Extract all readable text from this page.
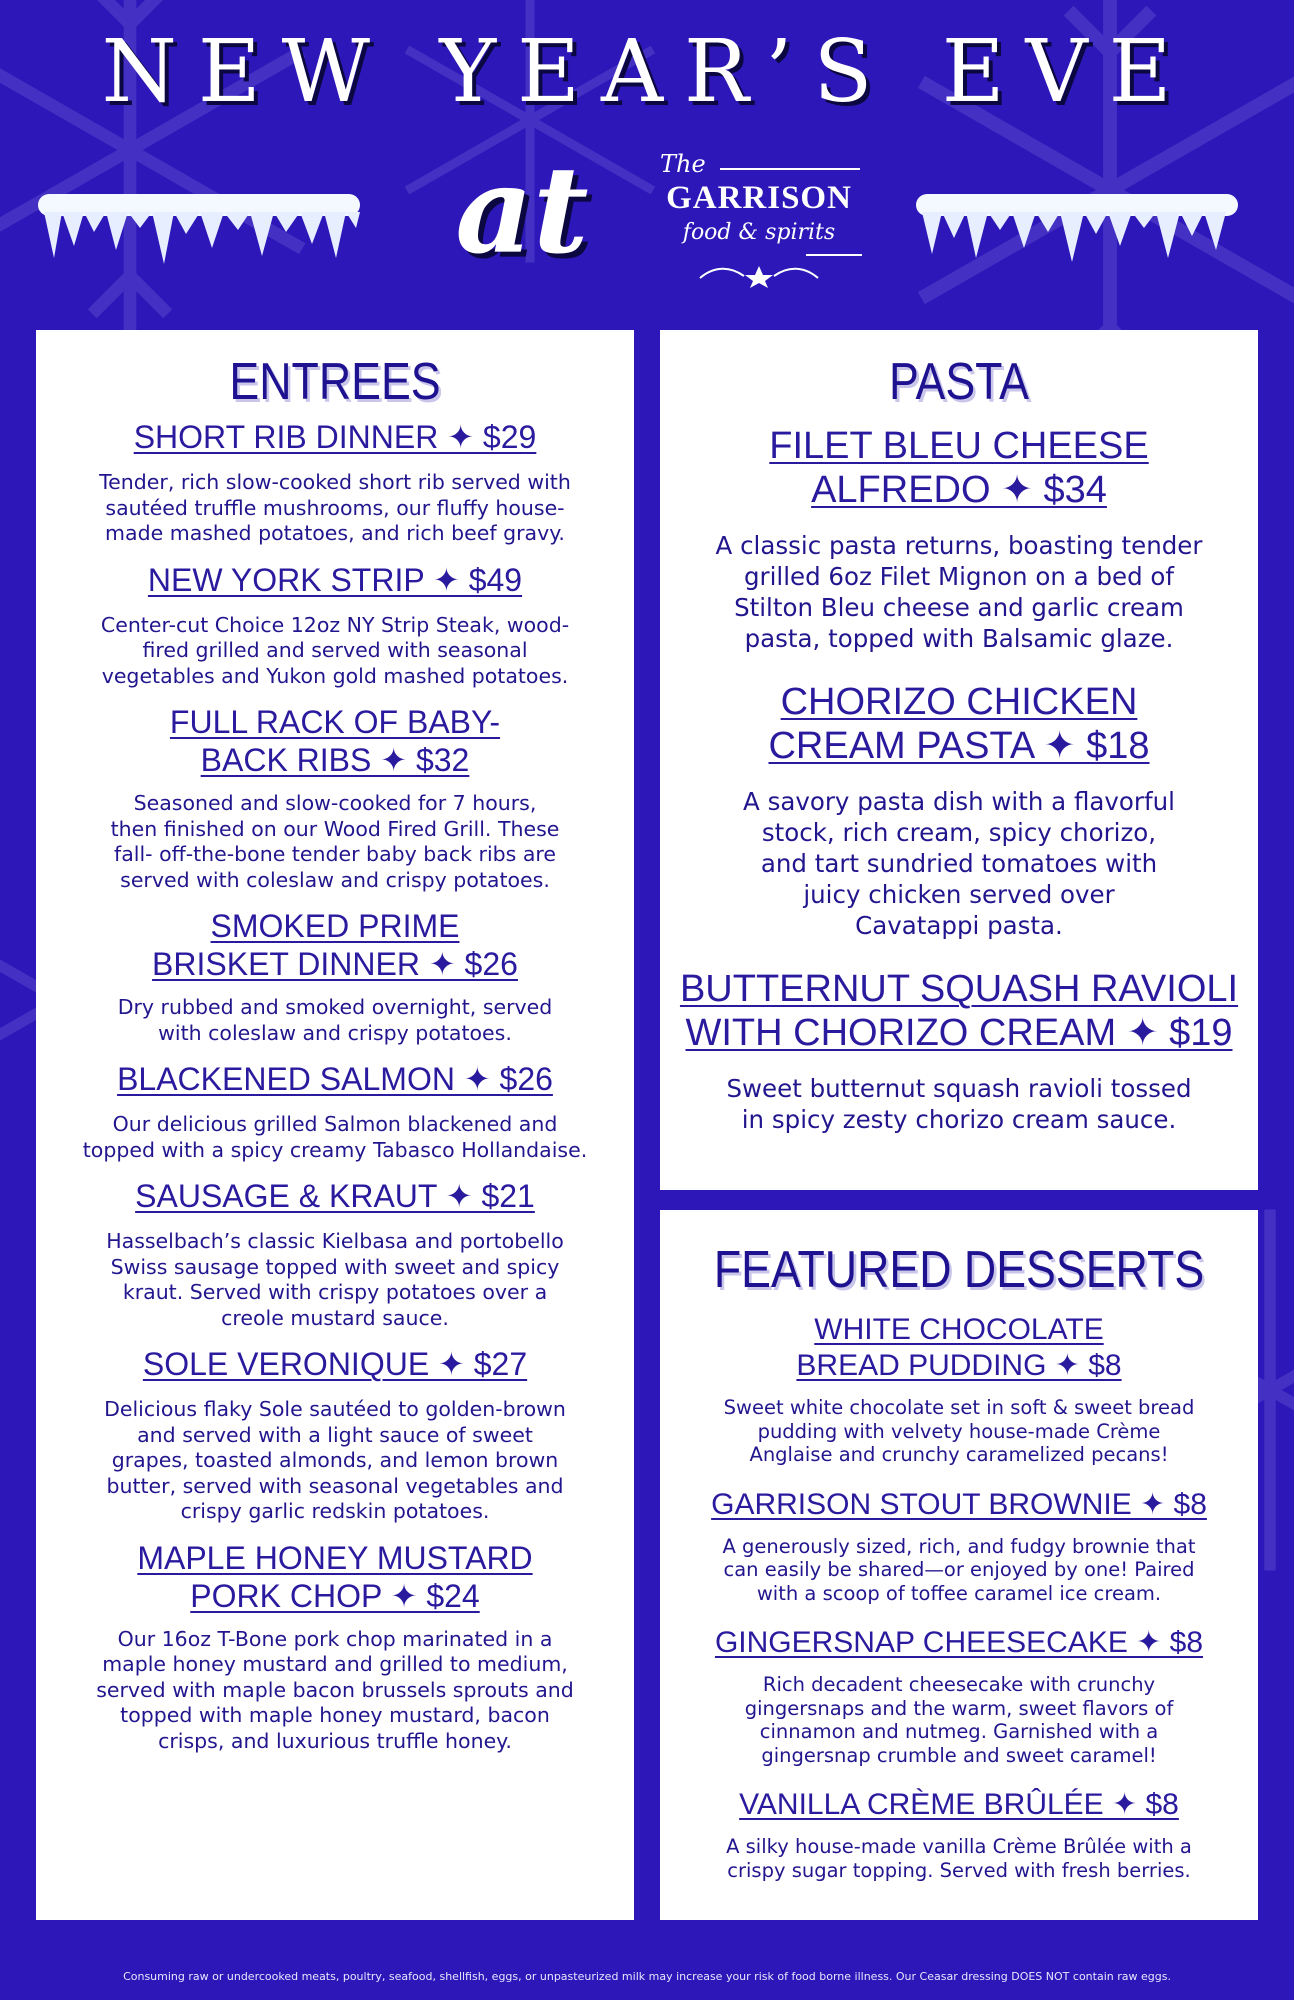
NEW YEAR’S EVE
at	The
GARRISON
food & spirits
ENTREES
SHORT RIB DINNER ✦ $29

Tender, rich slow-cooked short rib served with
sautéed truffle mushrooms, our fluffy house-
made mashed potatoes, and rich beef gravy.

NEW YORK STRIP ✦ $49

Center-cut Choice 12oz NY Strip Steak, wood-
fired grilled and served with seasonal
vegetables and Yukon gold mashed potatoes.

FULL RACK OF BABY-
BACK RIBS ✦ $32

Seasoned and slow-cooked for 7 hours,
then finished on our Wood Fired Grill. These
fall- off-the-bone tender baby back ribs are
served with coleslaw and crispy potatoes.

SMOKED PRIME
BRISKET DINNER ✦ $26

Dry rubbed and smoked overnight, served
with coleslaw and crispy potatoes.

BLACKENED SALMON ✦ $26

Our delicious grilled Salmon blackened and
topped with a spicy creamy Tabasco Hollandaise.

SAUSAGE & KRAUT ✦ $21

Hasselbach’s classic Kielbasa and portobello
Swiss sausage topped with sweet and spicy
kraut. Served with crispy potatoes over a
creole mustard sauce.

SOLE VERONIQUE ✦ $27

Delicious flaky Sole sautéed to golden-brown
and served with a light sauce of sweet
grapes, toasted almonds, and lemon brown
butter, served with seasonal vegetables and
crispy garlic redskin potatoes.

MAPLE HONEY MUSTARD
PORK CHOP ✦ $24

Our 16oz T-Bone pork chop marinated in a
maple honey mustard and grilled to medium,
served with maple bacon brussels sprouts and
topped with maple honey mustard, bacon
crisps, and luxurious truffle honey.

PASTA
FILET BLEU CHEESE
ALFREDO ✦ $34

A classic pasta returns, boasting tender
grilled 6oz Filet Mignon on a bed of
Stilton Bleu cheese and garlic cream
pasta, topped with Balsamic glaze.

CHORIZO CHICKEN
CREAM PASTA ✦ $18

A savory pasta dish with a flavorful
stock, rich cream, spicy chorizo,
and tart sundried tomatoes with
juicy chicken served over
Cavatappi pasta.

BUTTERNUT SQUASH RAVIOLI
WITH CHORIZO CREAM ✦ $19

Sweet butternut squash ravioli tossed
in spicy zesty chorizo cream sauce.

FEATURED DESSERTS
WHITE CHOCOLATE
BREAD PUDDING ✦ $8

Sweet white chocolate set in soft & sweet bread
pudding with velvety house-made Crème
Anglaise and crunchy caramelized pecans!

GARRISON STOUT BROWNIE ✦ $8

A generously sized, rich, and fudgy brownie that
can easily be shared—or enjoyed by one! Paired
with a scoop of toffee caramel ice cream.

GINGERSNAP CHEESECAKE ✦ $8

Rich decadent cheesecake with crunchy
gingersnaps and the warm, sweet flavors of
cinnamon and nutmeg. Garnished with a
gingersnap crumble and sweet caramel!

VANILLA CRÈME BRÛLÉE ✦ $8

A silky house-made vanilla Crème Brûlée with a
crispy sugar topping. Served with fresh berries.

Consuming raw or undercooked meats, poultry, seafood, shellfish, eggs, or unpasteurized milk may increase your risk of food borne illness. Our Ceasar dressing DOES NOT contain raw eggs.
